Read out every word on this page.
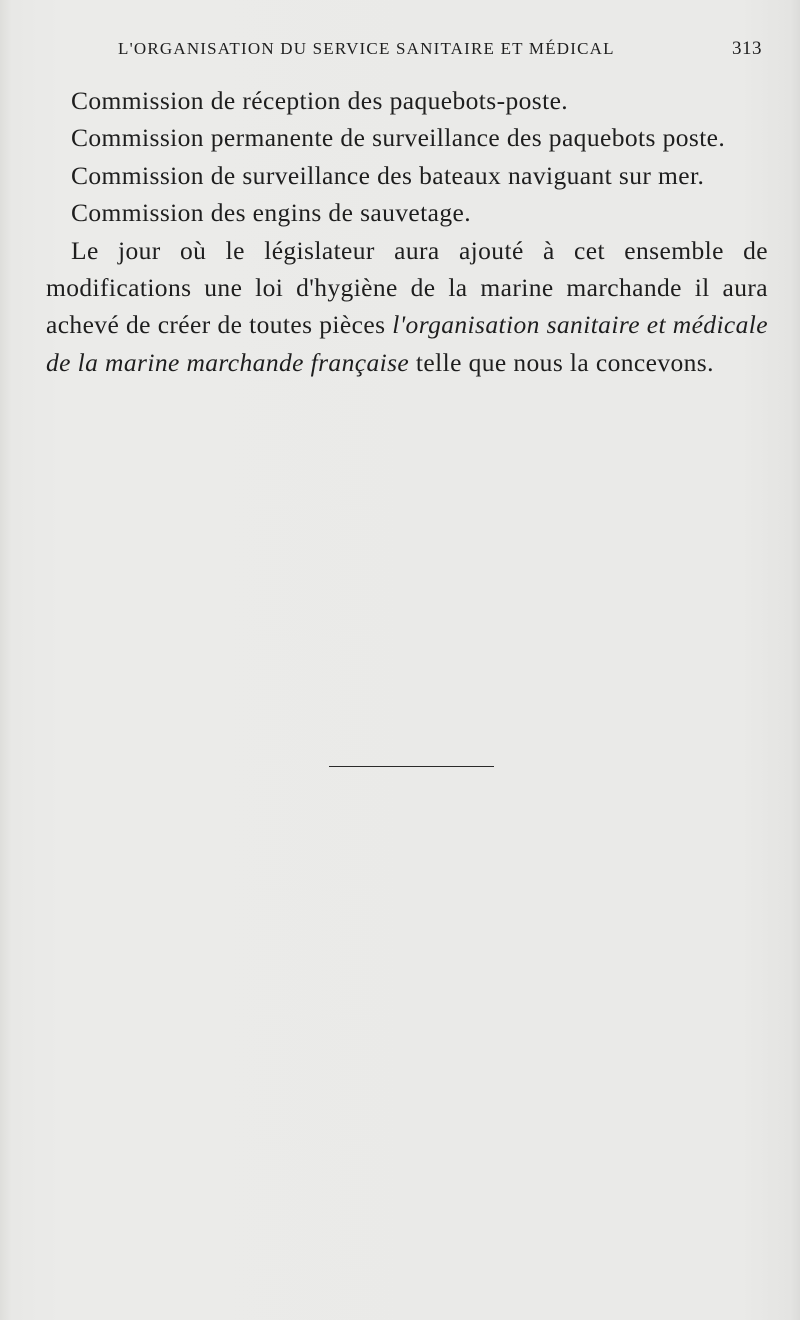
L'ORGANISATION DU SERVICE SANITAIRE ET MÉDICAL	313

Commission de réception des paquebots-poste.

Commission permanente de surveillance des paquebots poste.

Commission de surveillance des bateaux naviguant sur mer.

Commission des engins de sauvetage.

Le jour où le législateur aura ajouté à cet ensemble de modifications une loi d'hygiène de la marine marchande il aura achevé de créer de toutes pièces l'organisation sanitaire et médicale de la marine marchande française telle que nous la concevons.
